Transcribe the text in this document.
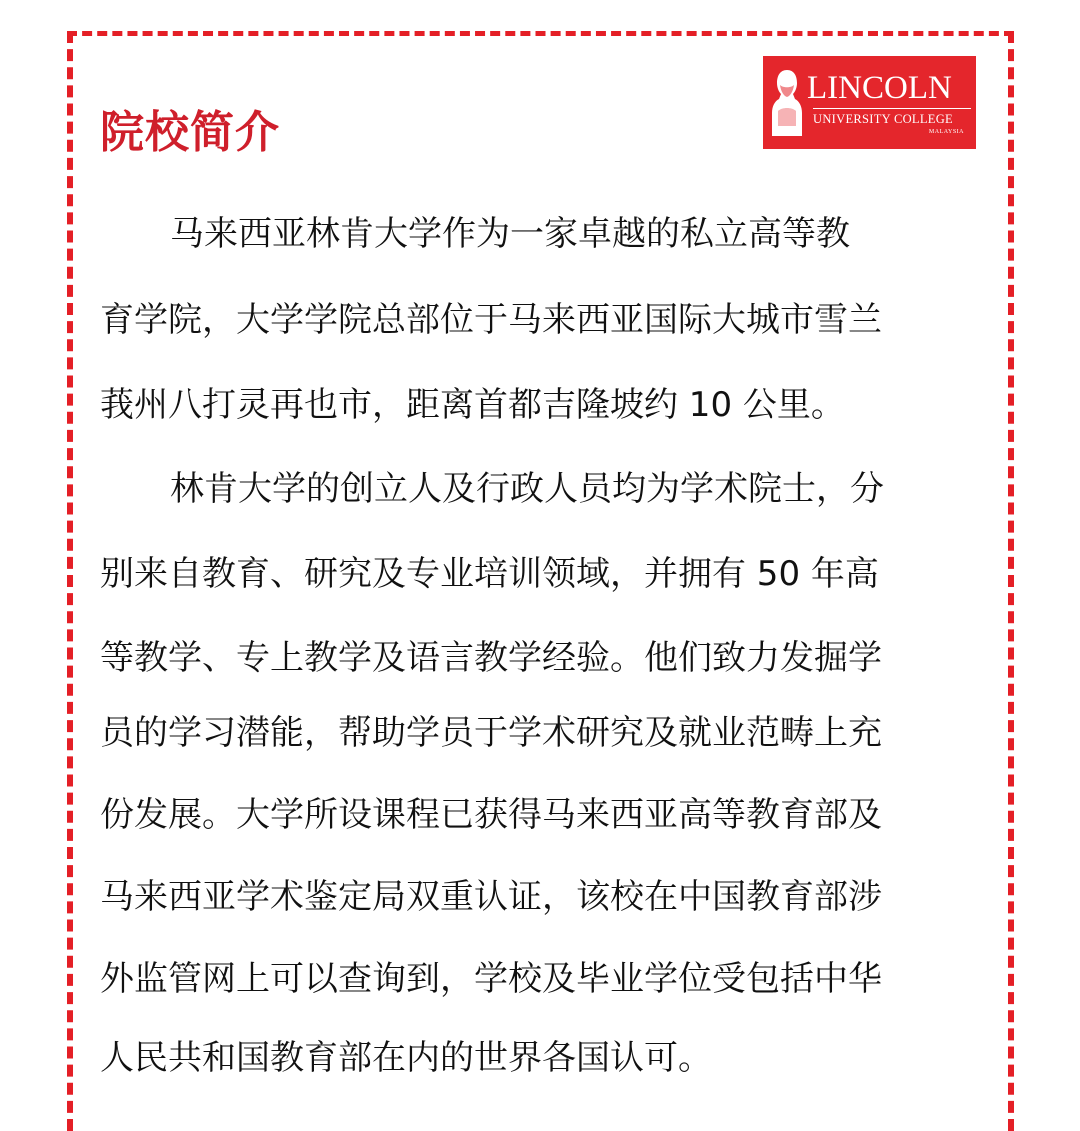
院校简介
LINCOLN
UNIVERSITY COLLEGE
MALAYSIA

马来西亚林肯大学作为一家卓越的私立高等教

育学院，大学学院总部位于马来西亚国际大城市雪兰

莪州八打灵再也市，距离首都吉隆坡约 10 公里。

林肯大学的创立人及行政人员均为学术院士，分

别来自教育、研究及专业培训领域，并拥有 50 年高

等教学、专上教学及语言教学经验。他们致力发掘学

员的学习潜能，帮助学员于学术研究及就业范畴上充

份发展。大学所设课程已获得马来西亚高等教育部及

马来西亚学术鉴定局双重认证，该校在中国教育部涉

外监管网上可以查询到，学校及毕业学位受包括中华

人民共和国教育部在内的世界各国认可。
